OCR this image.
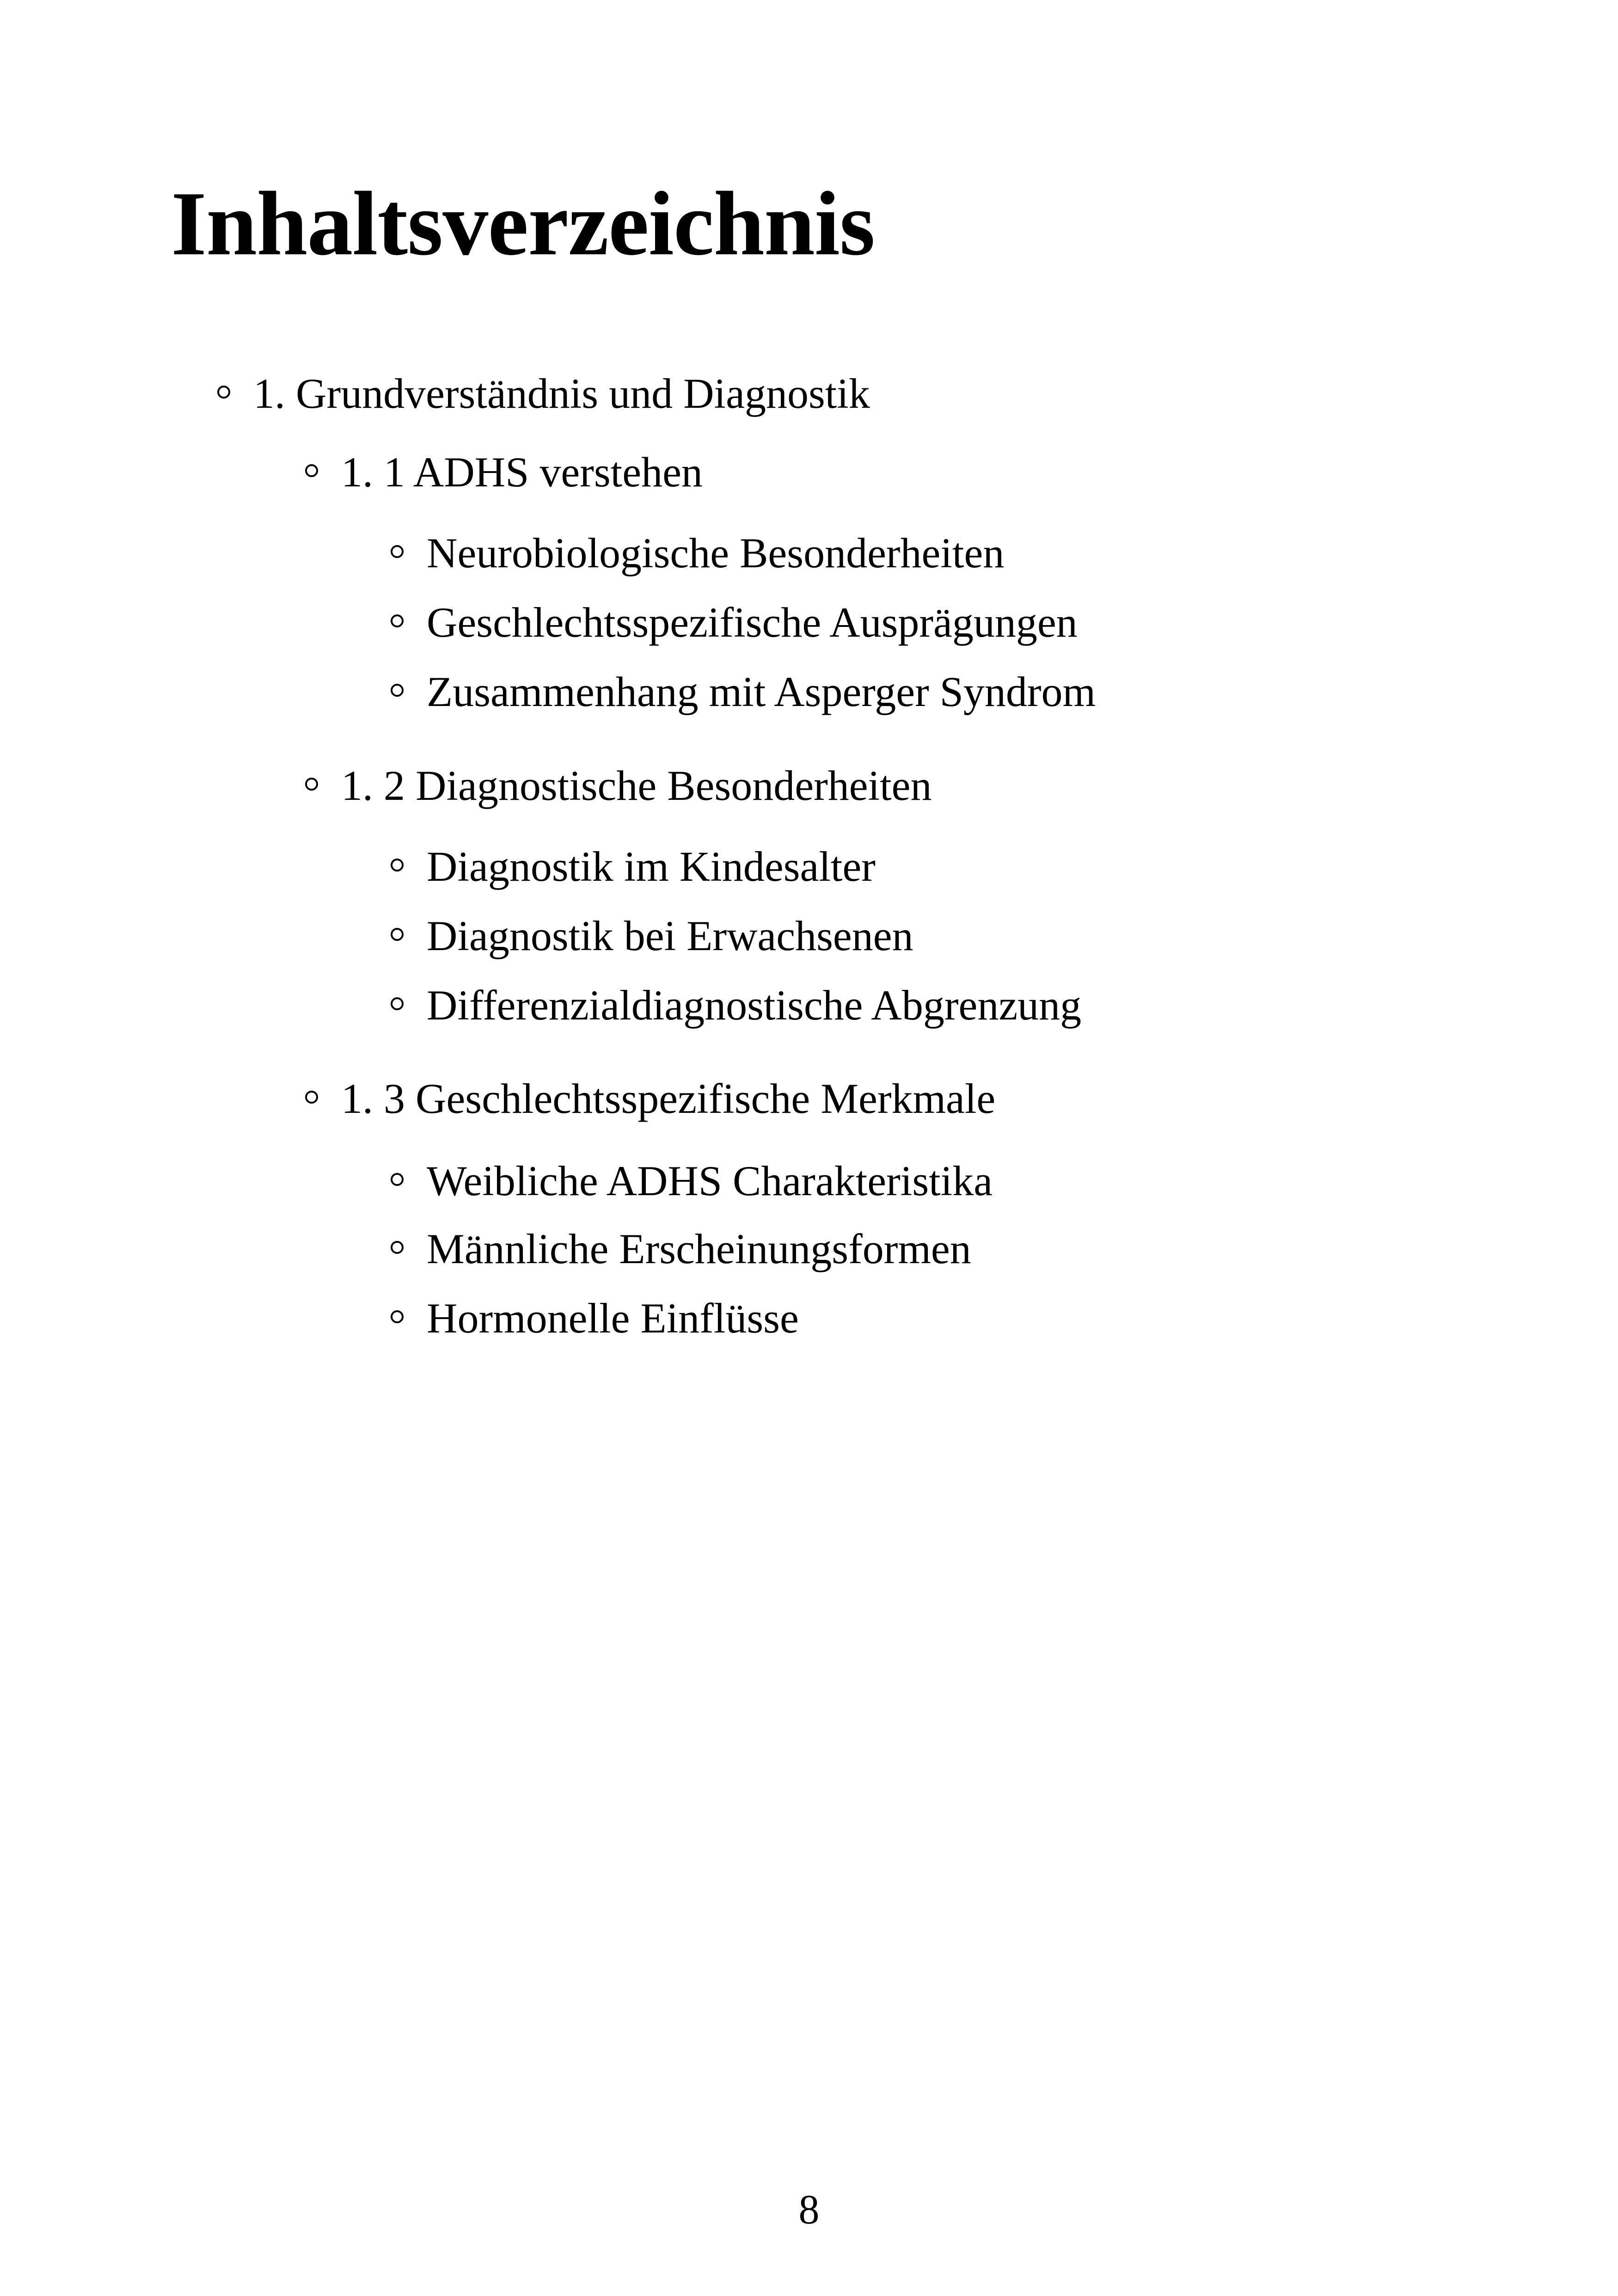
Inhaltsverzeichnis
1. Grundverständnis und Diagnostik
1. 1 ADHS verstehen
Neurobiologische Besonderheiten
Geschlechtsspezifische Ausprägungen
Zusammenhang mit Asperger Syndrom
1. 2 Diagnostische Besonderheiten
Diagnostik im Kindesalter
Diagnostik bei Erwachsenen
Differenzialdiagnostische Abgrenzung
1. 3 Geschlechtsspezifische Merkmale
Weibliche ADHS Charakteristika
Männliche Erscheinungsformen
Hormonelle Einflüsse
8
